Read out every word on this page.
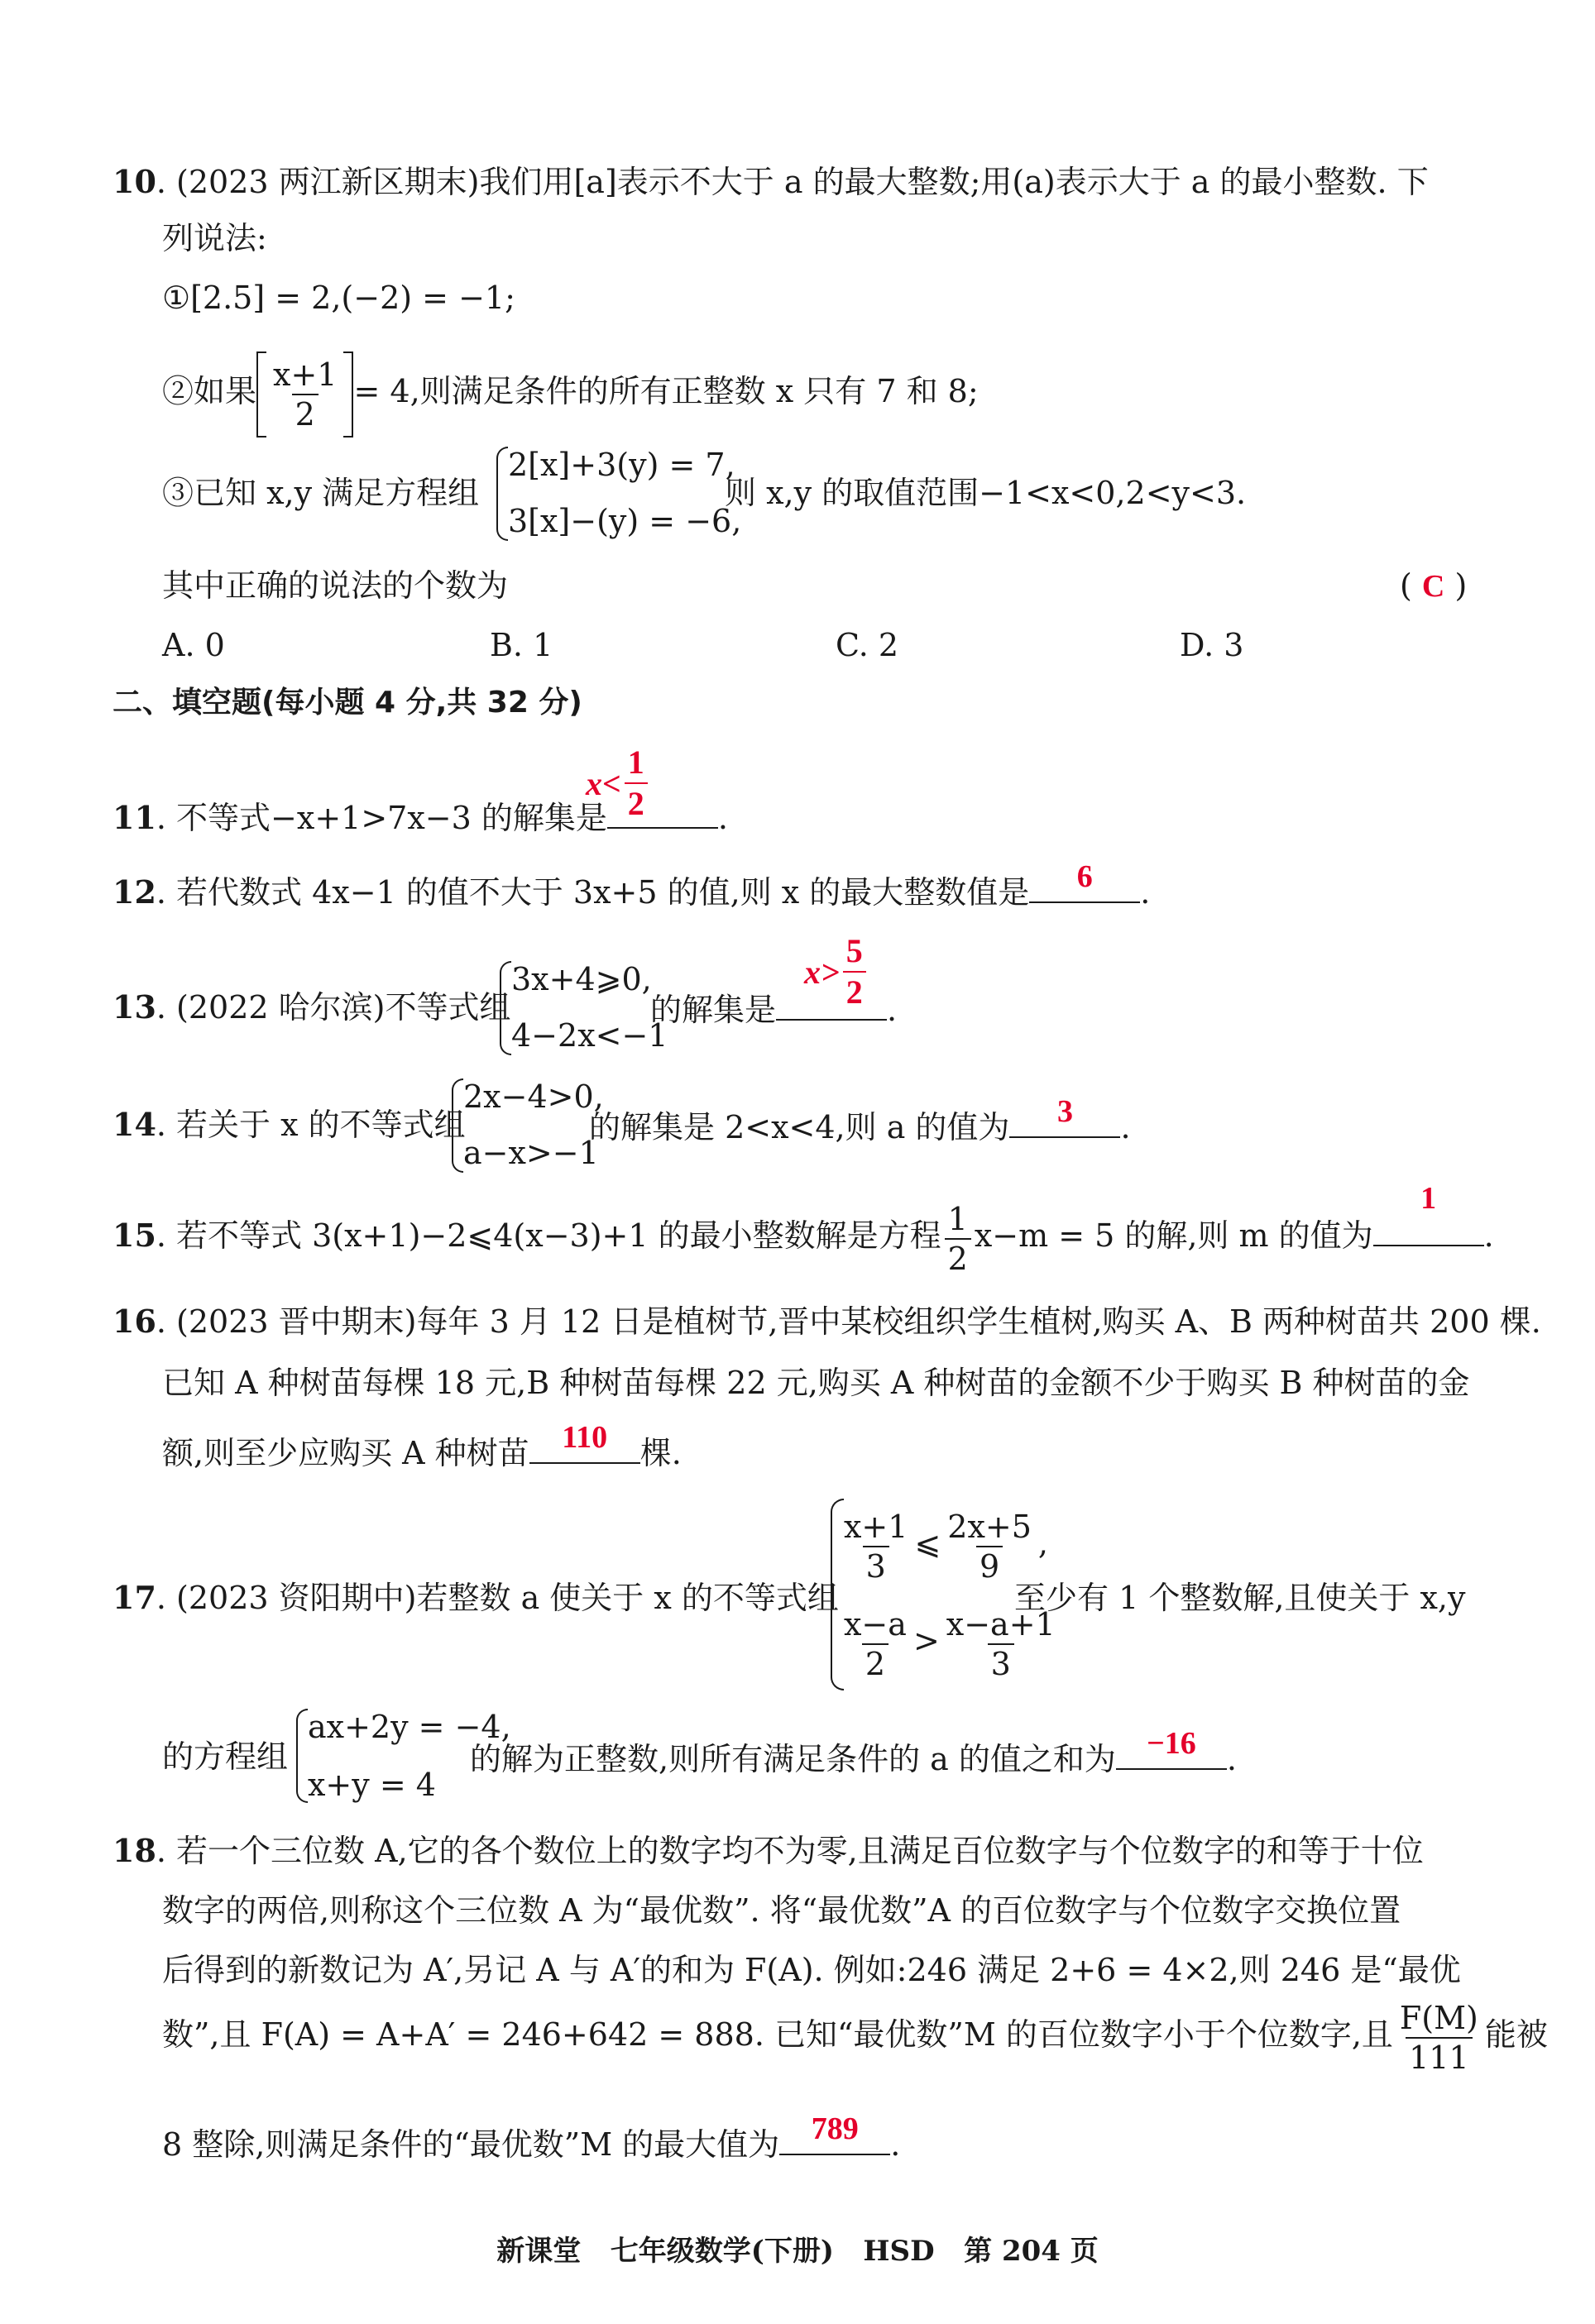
10. (2023 两江新区期末)我们用[a]表示不大于 a 的最大整数;用(a)表示大于 a 的最小整数. 下
列说法:
①[2.5] = 2,(−2) = −1;
②如果 $\frac{x+1}{2} = 4$,则满足条件的所有正整数 x 只有 7 和 8;
③已知 x,y 满足方程组
2[x]+3(y) = 7,
3[x]−(y) = −6,
则 x,y 的取值范围−1<x<0,2<y<3.
其中正确的说法的个数为	( C )
A. 0	B. 1	C. 2	D. 3
二、填空题(每小题 4 分,共 32 分)
11. 不等式−x+1>7x−3 的解集是	.
$x< \frac{1}{2}$
12. 若代数式 4x−1 的值不大于 3x+5 的值,则 x 的最大整数值是	6	.
13. (2022 哈尔滨)不等式组
3x+4⩾0,
4−2x<−1
的解集是	.
$x> \frac{5}{2}$
14. 若关于 x 的不等式组
2x−4>0,
a−x>−1
的解集是 2<x<4,则 a 的值为	3	.
15. 若不等式 3(x+1)−2⩽4(x−3)+1 的最小整数解是方程 $\frac{1}{2} x-m = 5$ 的解,则 m 的值为
1
.
16. (2023 晋中期末)每年 3 月 12 日是植树节,晋中某校组织学生植树,购买 A、B 两种树苗共 200 棵.
已知 A 种树苗每棵 18 元,B 种树苗每棵 22 元,购买 A 种树苗的金额不少于购买 B 种树苗的金
额,则至少应购买 A 种树苗	110	棵.
17. (2023 资阳期中)若整数 a 使关于 x 的不等式组
$\frac{x+1}{3}$ ⩽ $\frac{2x+5}{9}$ ,
$\frac{x-a}{2} > \frac{x-a+1}{3}$
至少有 1 个整数解,且使关于 x,y
的方程组
ax+2y = −4,
x+y = 4
的解为正整数,则所有满足条件的 a 的值之和为 −16 .
18. 若一个三位数 A,它的各个数位上的数字均不为零,且满足百位数字与个位数字的和等于十位
数字的两倍,则称这个三位数 A 为“最优数”. 将“最优数”A 的百位数字与个位数字交换位置
后得到的新数记为 A′,另记 A 与 A′的和为 F(A). 例如:246 满足 2+6 = 4×2,则 246 是“最优
数”,且 F(A) = A+A′ = 246+642 = 888. 已知“最优数”M 的百位数字小于个位数字,且 $\frac{F(M)}{111}$ 能被
8 整除,则满足条件的“最优数”M 的最大值为	789	.
新课堂   七年级数学(下册)   HSD   第 204 页
